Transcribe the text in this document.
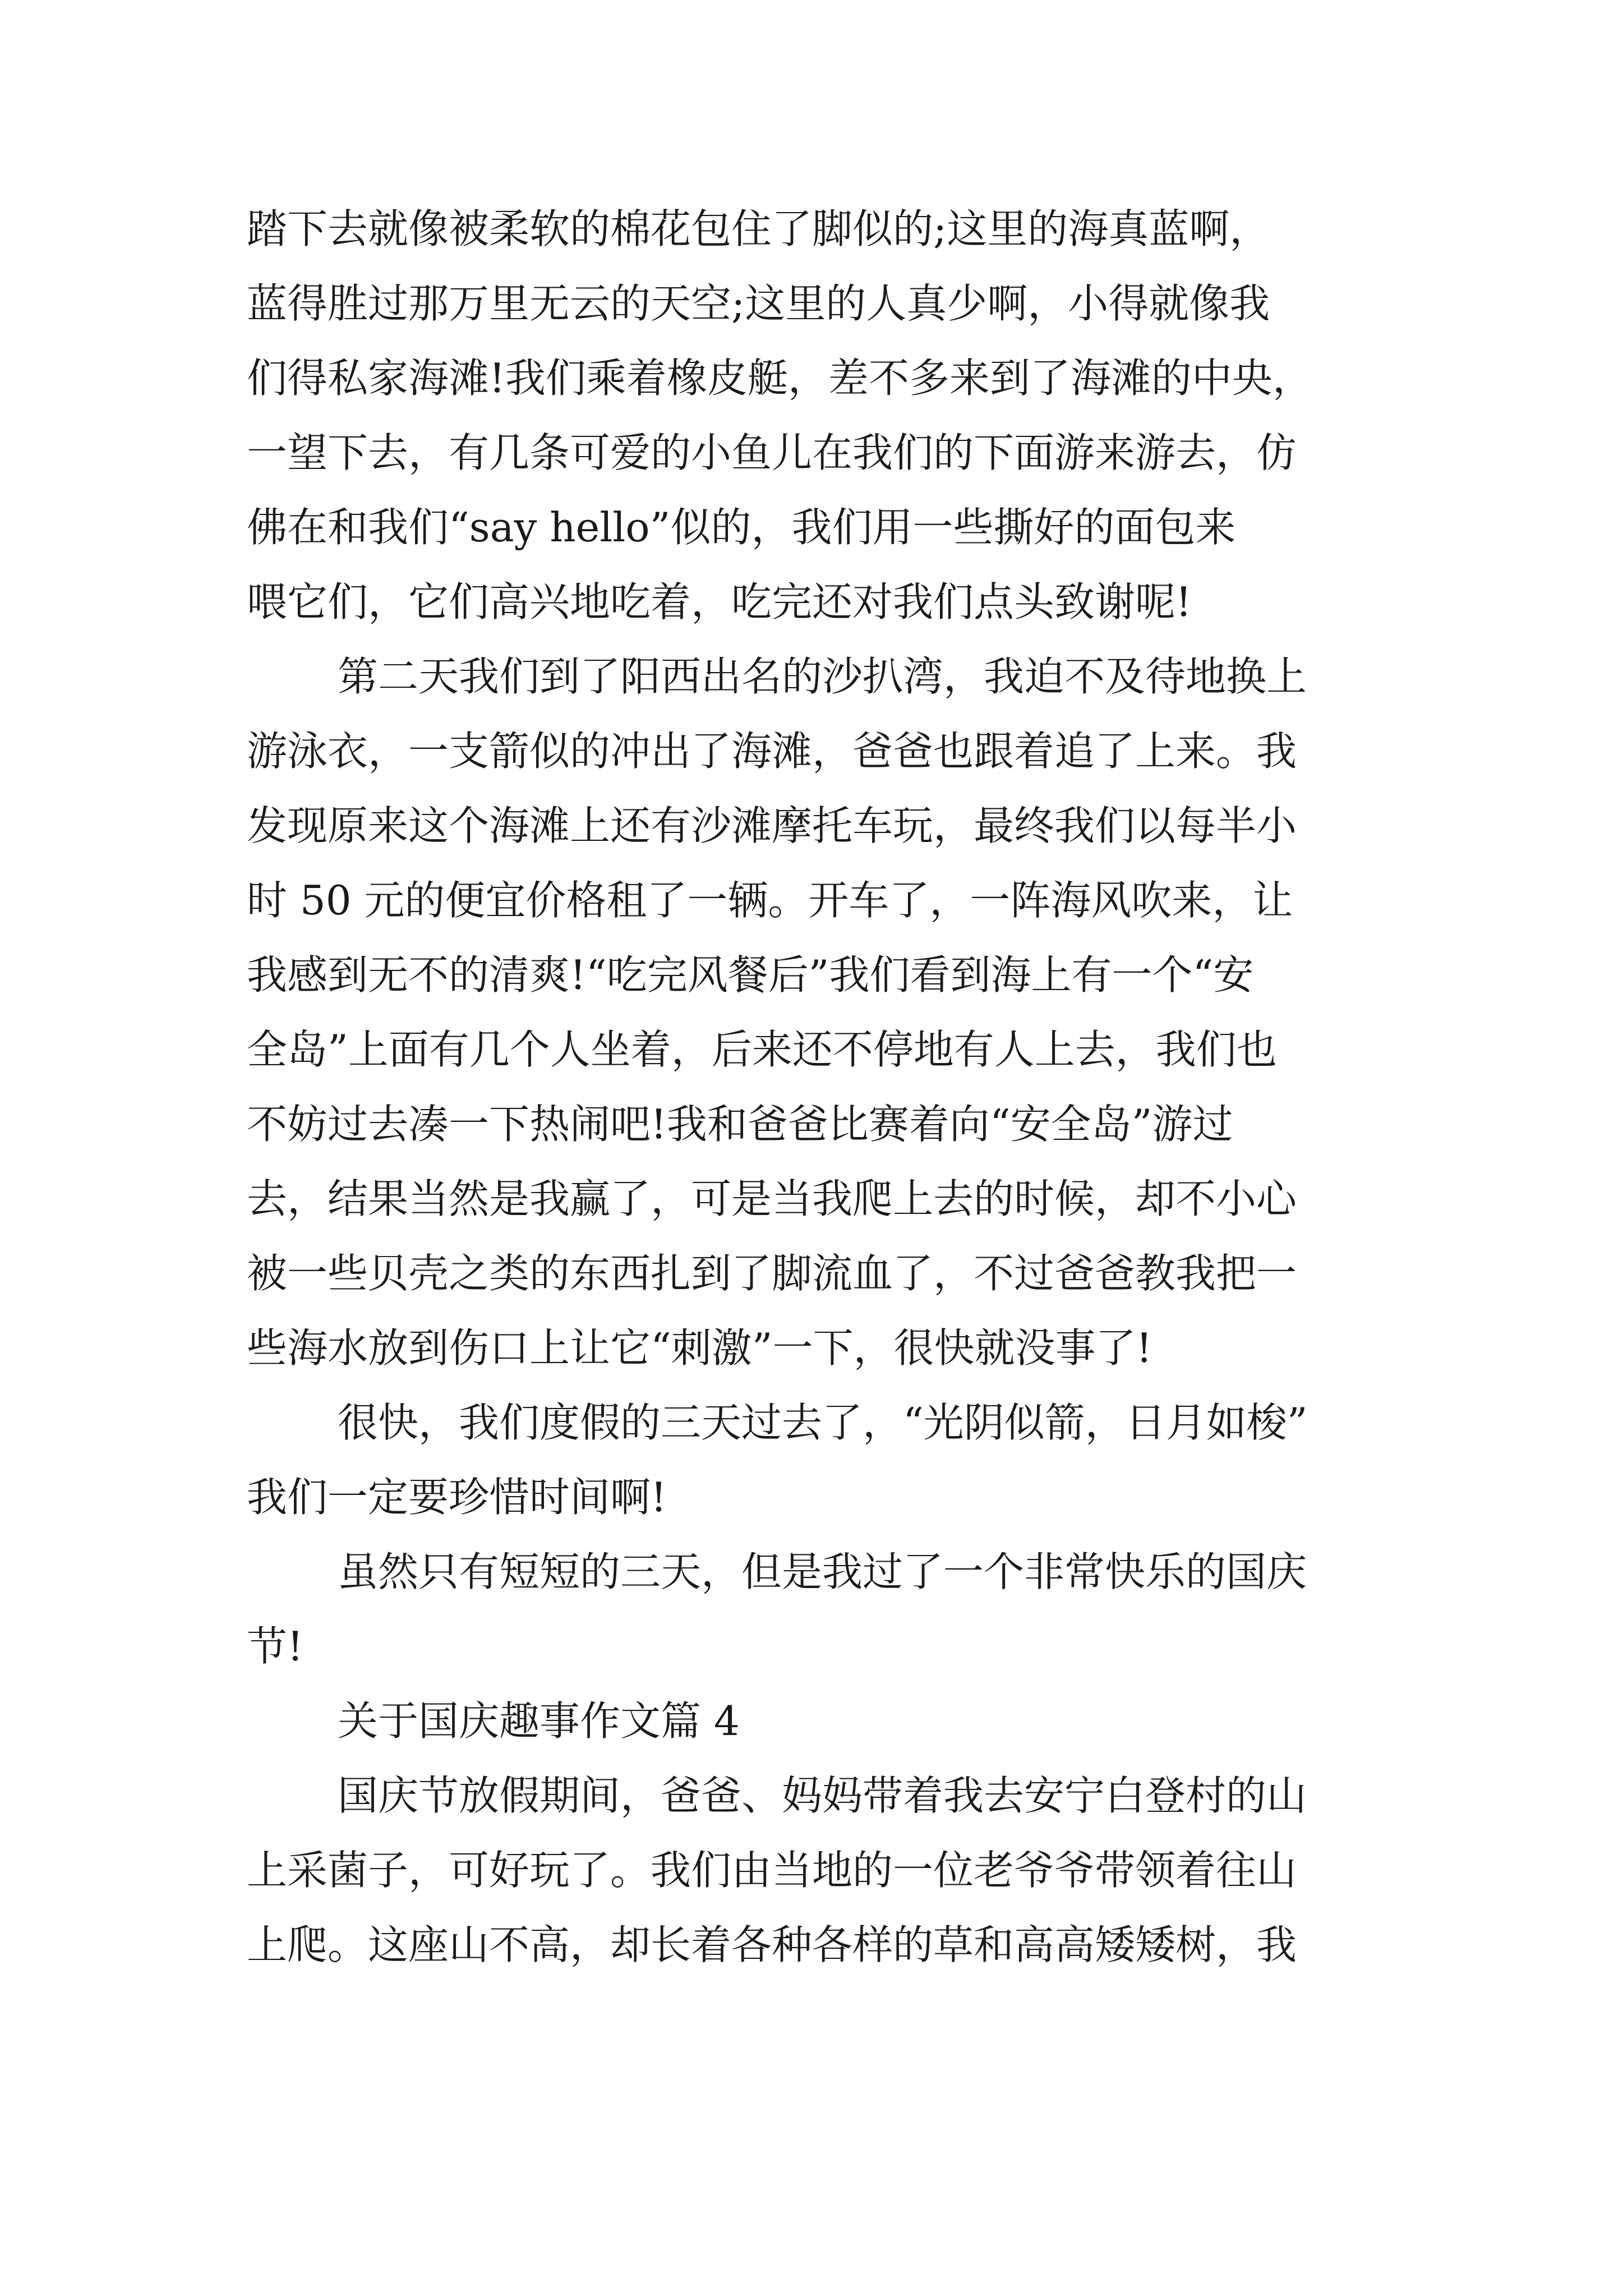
踏下去就像被柔软的棉花包住了脚似的;这里的海真蓝啊，
蓝得胜过那万里无云的天空;这里的人真少啊，小得就像我
们得私家海滩!我们乘着橡皮艇，差不多来到了海滩的中央，
一望下去，有几条可爱的小鱼儿在我们的下面游来游去，仿
佛在和我们“say hello”似的，我们用一些撕好的面包来
喂它们，它们高兴地吃着，吃完还对我们点头致谢呢!
第二天我们到了阳西出名的沙扒湾，我迫不及待地换上
游泳衣，一支箭似的冲出了海滩，爸爸也跟着追了上来。我
发现原来这个海滩上还有沙滩摩托车玩，最终我们以每半小
时 50 元的便宜价格租了一辆。开车了，一阵海风吹来，让
我感到无不的清爽!“吃完风餐后”我们看到海上有一个“安
全岛”上面有几个人坐着，后来还不停地有人上去，我们也
不妨过去凑一下热闹吧!我和爸爸比赛着向“安全岛”游过
去，结果当然是我赢了，可是当我爬上去的时候，却不小心
被一些贝壳之类的东西扎到了脚流血了，不过爸爸教我把一
些海水放到伤口上让它“刺激”一下，很快就没事了!
很快，我们度假的三天过去了，“光阴似箭，日月如梭”
我们一定要珍惜时间啊!
虽然只有短短的三天，但是我过了一个非常快乐的国庆
节!
关于国庆趣事作文篇 4
国庆节放假期间，爸爸、妈妈带着我去安宁白登村的山
上采菌子，可好玩了。我们由当地的一位老爷爷带领着往山
上爬。这座山不高，却长着各种各样的草和高高矮矮树，我
